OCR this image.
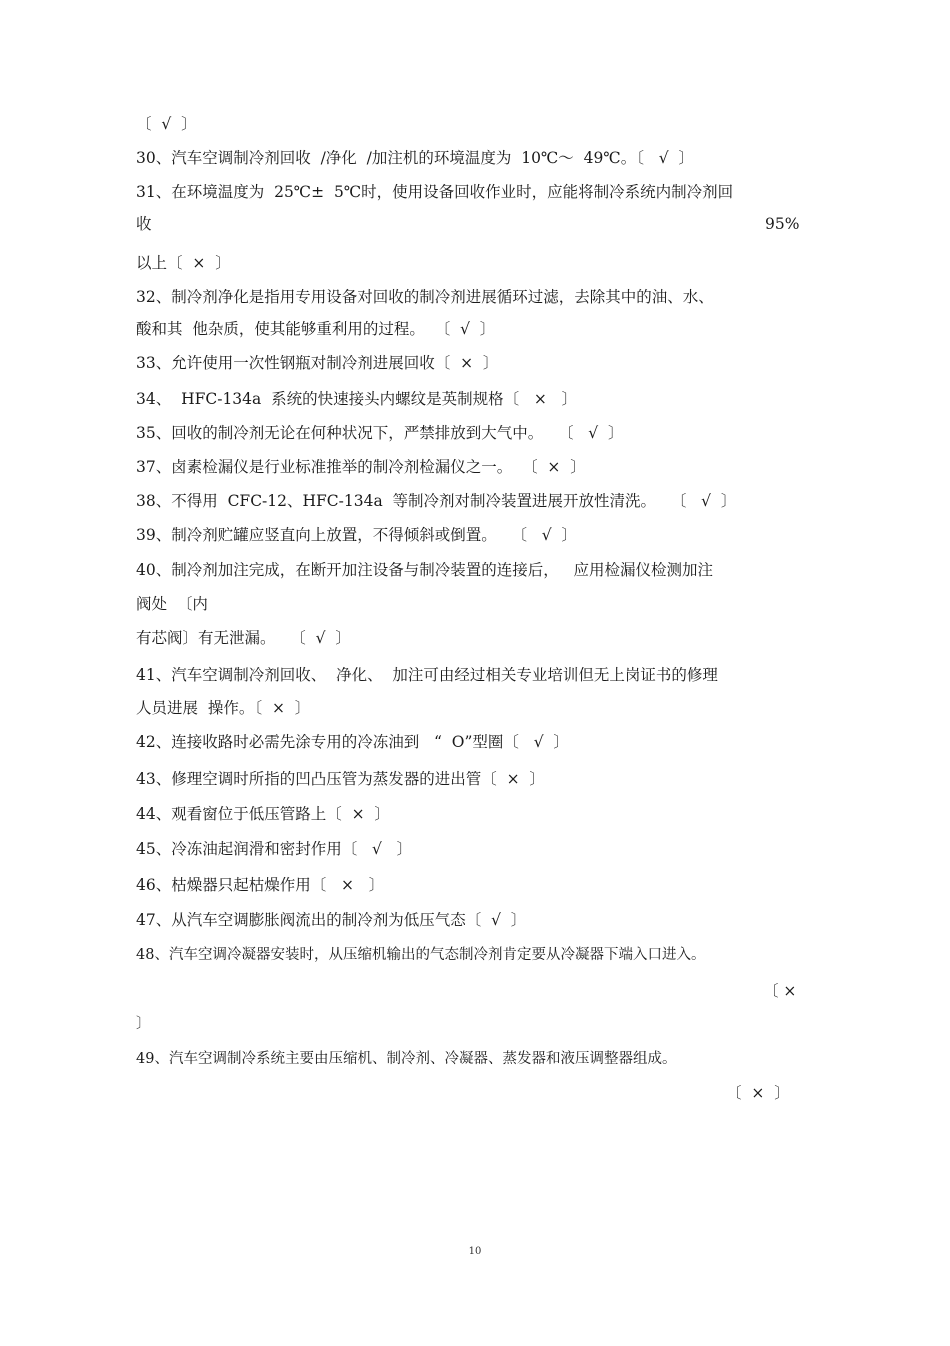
〔  √  〕
30、汽车空调制冷剂回收  /净化  /加注机的环境温度为  10℃～  49℃。〔   √  〕
31、在环境温度为  25℃±  5℃时，使用设备回收作业时，应能将制冷系统内制冷剂回
收	95%
以上〔  ×  〕
32、制冷剂净化是指用专用设备对回收的制冷剂进展循环过滤，去除其中的油、水、
酸和其  他杂质，使其能够重利用的过程。  〔  √  〕
33、允许使用一次性钢瓶对制冷剂进展回收〔  ×  〕
34、  HFC-134a  系统的快速接头内螺纹是英制规格〔   ×   〕
35、回收的制冷剂无论在何种状况下，严禁排放到大气中。   〔   √  〕
37、卤素检漏仪是行业标准推举的制冷剂检漏仪之一。  〔  ×  〕
38、不得用  CFC-12、HFC-134a  等制冷剂对制冷装置进展开放性清洗。   〔   √  〕
39、制冷剂贮罐应竖直向上放置，不得倾斜或倒置。   〔   √  〕
40、制冷剂加注完成，在断开加注设备与制冷装置的连接后，   应用检漏仪检测加注
阀处  〔内
有芯阀〕有无泄漏。   〔  √  〕
41、汽车空调制冷剂回收、  净化、  加注可由经过相关专业培训但无上岗证书的修理
人员进展  操作。〔  ×  〕
42、连接收路时必需先涂专用的冷冻油到   “  O”型圈〔   √  〕
43、修理空调时所指的凹凸压管为蒸发器的进出管〔  ×  〕
44、观看窗位于低压管路上〔  ×  〕
45、冷冻油起润滑和密封作用〔   √   〕
46、枯燥器只起枯燥作用〔   ×   〕
47、从汽车空调膨胀阀流出的制冷剂为低压气态〔  √  〕
48、汽车空调冷凝器安装时，从压缩机输出的气态制冷剂肯定要从冷凝器下端入口进入。
〔 ×
〕
49、汽车空调制冷系统主要由压缩机、制冷剂、冷凝器、蒸发器和液压调整器组成。
〔  ×  〕
10
